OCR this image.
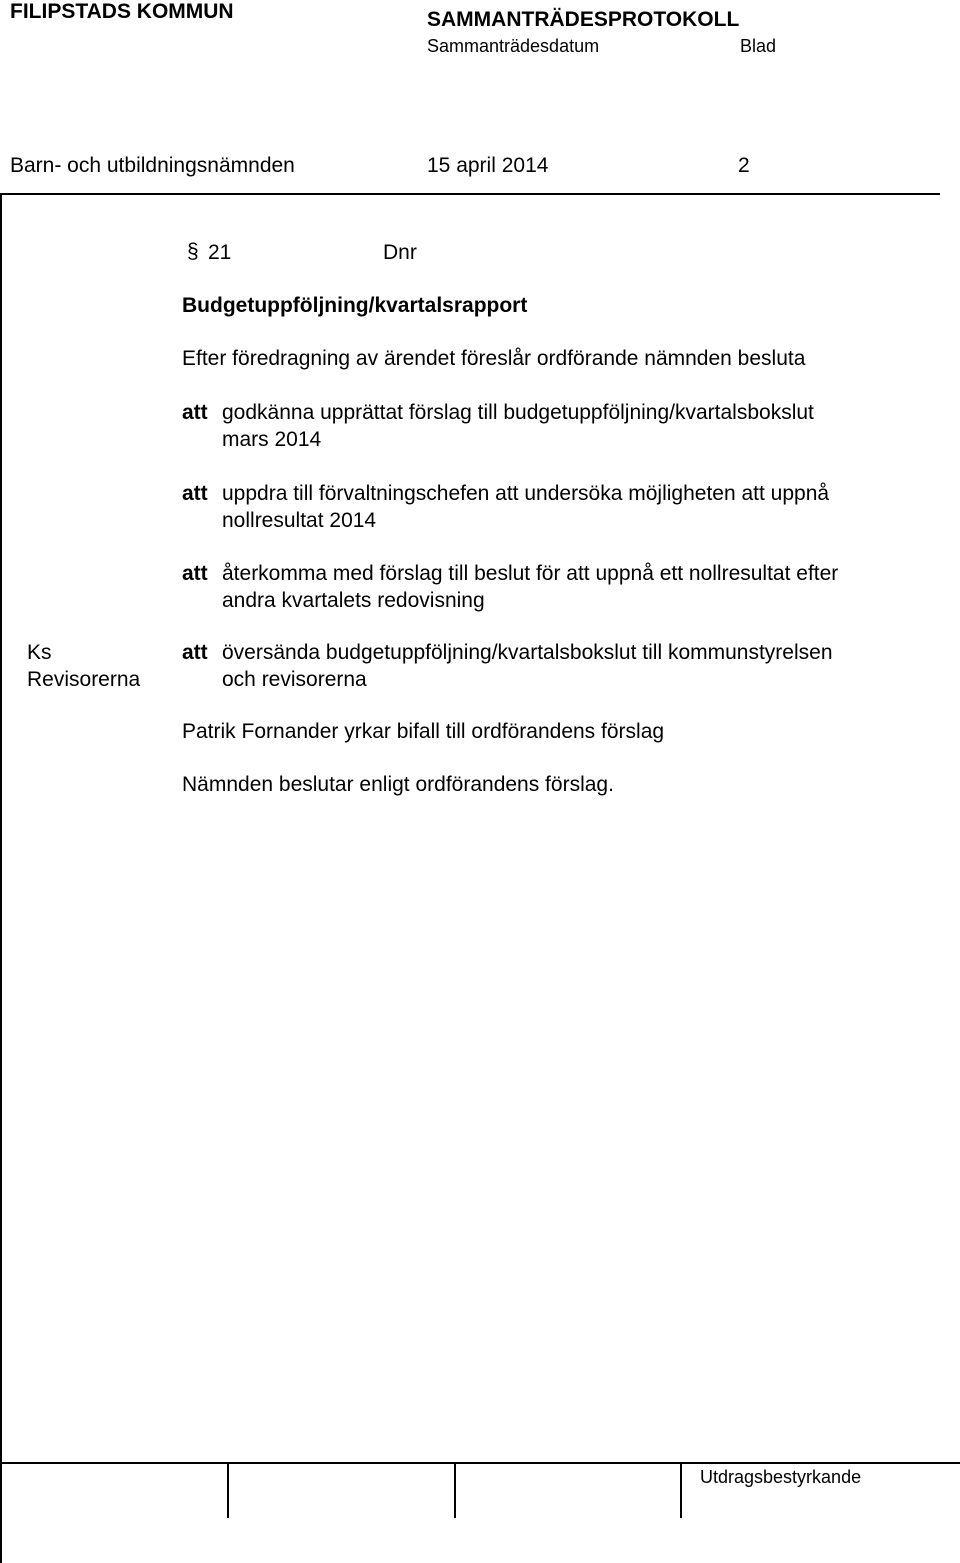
FILIPSTADS KOMMUN	SAMMANTRÄDESPROTOKOLL
Sammanträdesdatum	Blad
Barn- och utbildningsnämnden	15 april 2014	2
§ 21	Dnr
Budgetuppföljning/kvartalsrapport
Efter föredragning av ärendet föreslår ordförande nämnden besluta
att godkänna upprättat förslag till budgetuppföljning/kvartalsbokslut
mars 2014
att uppdra till förvaltningschefen att undersöka möjligheten att uppnå
nollresultat 2014
att återkomma med förslag till beslut för att uppnå ett nollresultat efter
andra kvartalets redovisning
Ks
Revisorerna
att översända budgetuppföljning/kvartalsbokslut till kommunstyrelsen
och revisorerna
Patrik Fornander yrkar bifall till ordförandens förslag
Nämnden beslutar enligt ordförandens förslag.
Utdragsbestyrkande
